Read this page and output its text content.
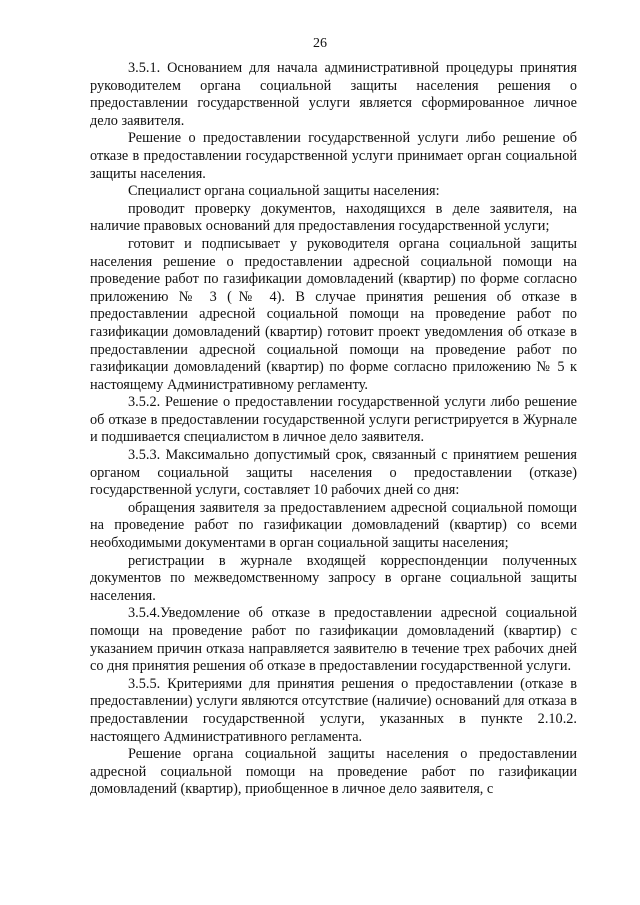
26

3.5.1. Основанием для начала административной процедуры принятия руководителем органа социальной защиты населения решения о предоставлении государственной услуги является сформированное личное дело заявителя.

Решение о предоставлении государственной услуги либо решение об отказе в предоставлении государственной услуги принимает орган социальной защиты населения.

Специалист органа социальной защиты населения:

проводит проверку документов, находящихся в деле заявителя, на наличие правовых оснований для предоставления государственной услуги;

готовит и подписывает у руководителя органа социальной защиты населения решение о предоставлении адресной социальной помощи на проведение работ по газификации домовладений (квартир) по форме согласно приложению № 3 (№ 4). В случае принятия решения об отказе в предоставлении адресной социальной помощи на проведение работ по газификации домовладений (квартир) готовит проект уведомления об отказе в предоставлении адресной социальной помощи на проведение работ по газификации домовладений (квартир) по форме согласно приложению № 5 к настоящему Административному регламенту.

3.5.2. Решение о предоставлении государственной услуги либо решение об отказе в предоставлении государственной услуги регистрируется в Журнале и подшивается специалистом в личное дело заявителя.

3.5.3. Максимально допустимый срок, связанный с принятием решения органом социальной защиты населения о предоставлении (отказе) государственной услуги, составляет 10 рабочих дней со дня:

обращения заявителя за предоставлением адресной социальной помощи на проведение работ по газификации домовладений (квартир) со всеми необходимыми документами в орган социальной защиты населения;

регистрации в журнале входящей корреспонденции полученных документов по межведомственному запросу в органе социальной защиты населения.

3.5.4.Уведомление об отказе в предоставлении адресной социальной помощи на проведение работ по газификации домовладений (квартир) с указанием причин отказа направляется заявителю в течение трех рабочих дней со дня принятия решения об отказе в предоставлении государственной услуги.

3.5.5. Критериями для принятия решения о предоставлении (отказе в предоставлении) услуги являются отсутствие (наличие) оснований для отказа в предоставлении государственной услуги, указанных в пункте 2.10.2. настоящего Административного регламента.

Решение органа социальной защиты населения о предоставлении адресной социальной помощи на проведение работ по газификации домовладений (квартир), приобщенное в личное дело заявителя, с
